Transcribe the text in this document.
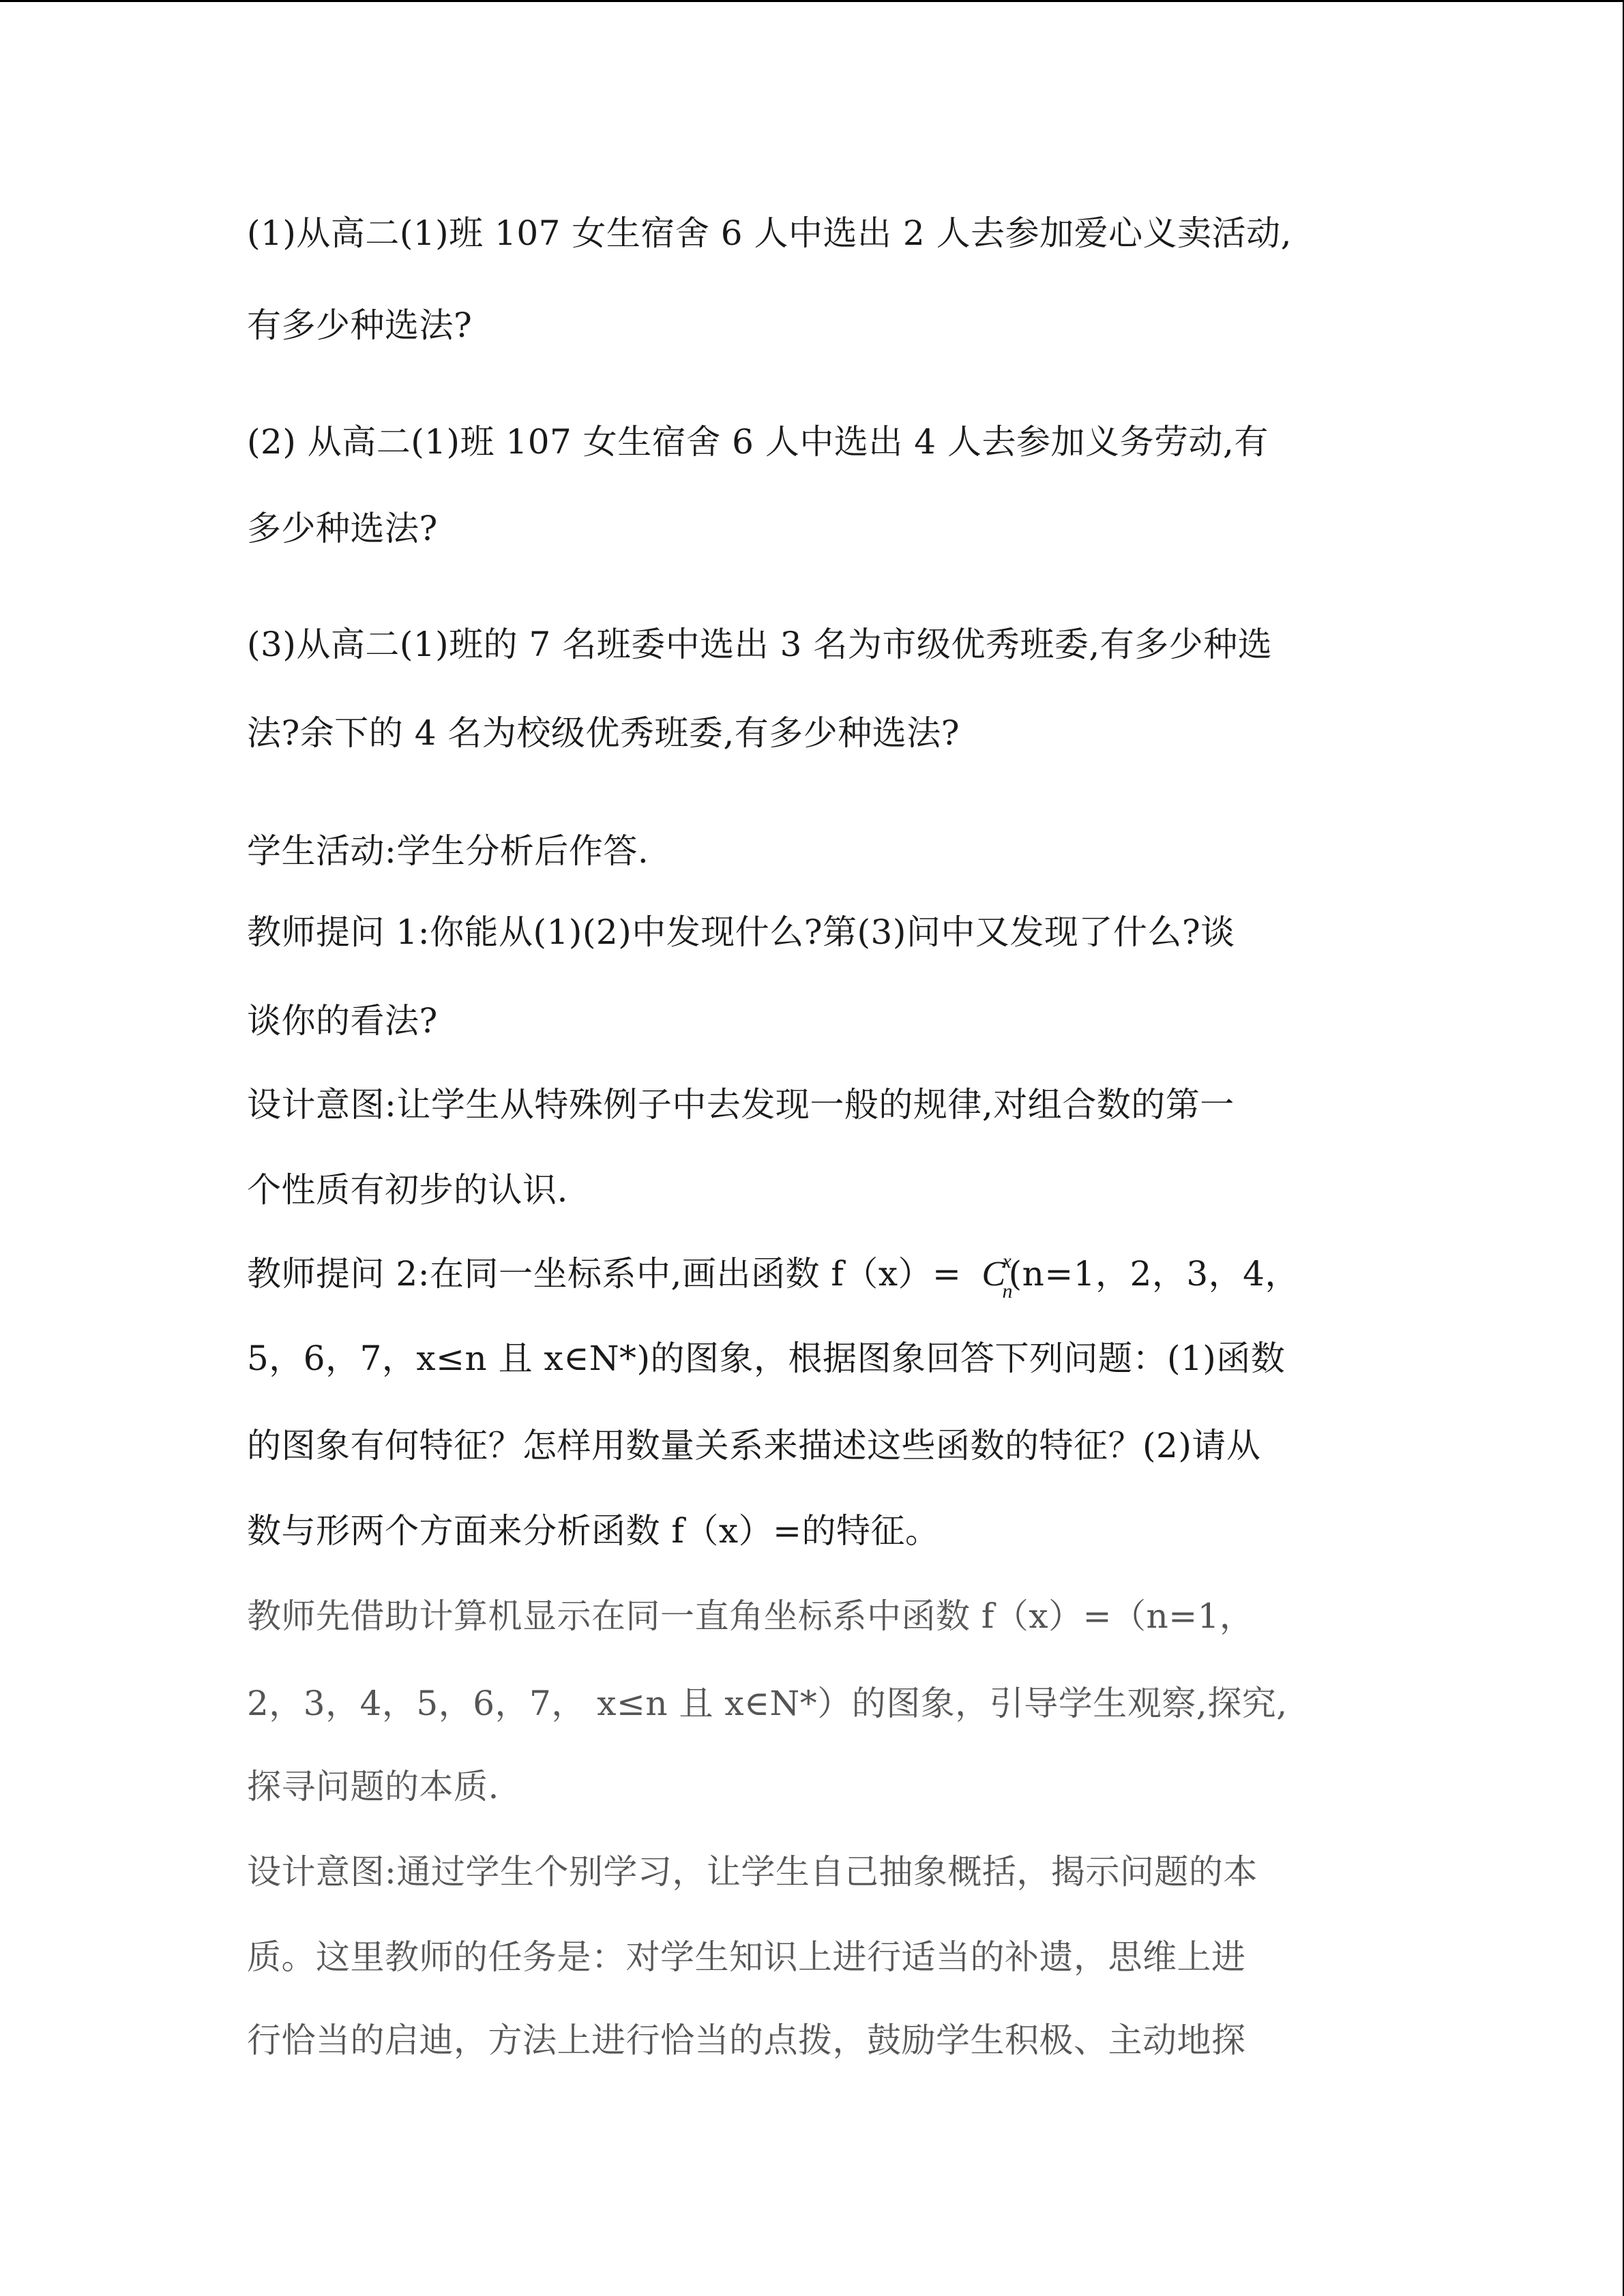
(1)从高二(1)班 107 女生宿舍 6 人中选出 2 人去参加爱心义卖活动,
有多少种选法?
(2) 从高二(1)班 107 女生宿舍 6 人中选出 4 人去参加义务劳动,有
多少种选法?
(3)从高二(1)班的 7 名班委中选出 3 名为市级优秀班委,有多少种选
法?余下的 4 名为校级优秀班委,有多少种选法?
学生活动:学生分析后作答.
教师提问 1:你能从(1)(2)中发现什么?第(3)问中又发现了什么?谈
谈你的看法?
设计意图:让学生从特殊例子中去发现一般的规律,对组合数的第一
个性质有初步的认识.
教师提问 2:在同一坐标系中,画出函数 f（x）= C
x
n
(n=1，2，3，4，
5，6，7，x≤n 且 x∈N*)的图象，根据图象回答下列问题：(1)函数
的图象有何特征？怎样用数量关系来描述这些函数的特征？(2)请从
数与形两个方面来分析函数 f（x）=的特征。
教师先借助计算机显示在同一直角坐标系中函数 f（x）=（n=1，
2，3，4，5，6，7， x≤n 且 x∈N*）的图象，引导学生观察,探究,
探寻问题的本质.
设计意图:通过学生个别学习，让学生自己抽象概括，揭示问题的本
质。这里教师的任务是：对学生知识上进行适当的补遗，思维上进
行恰当的启迪，方法上进行恰当的点拨，鼓励学生积极、主动地探
